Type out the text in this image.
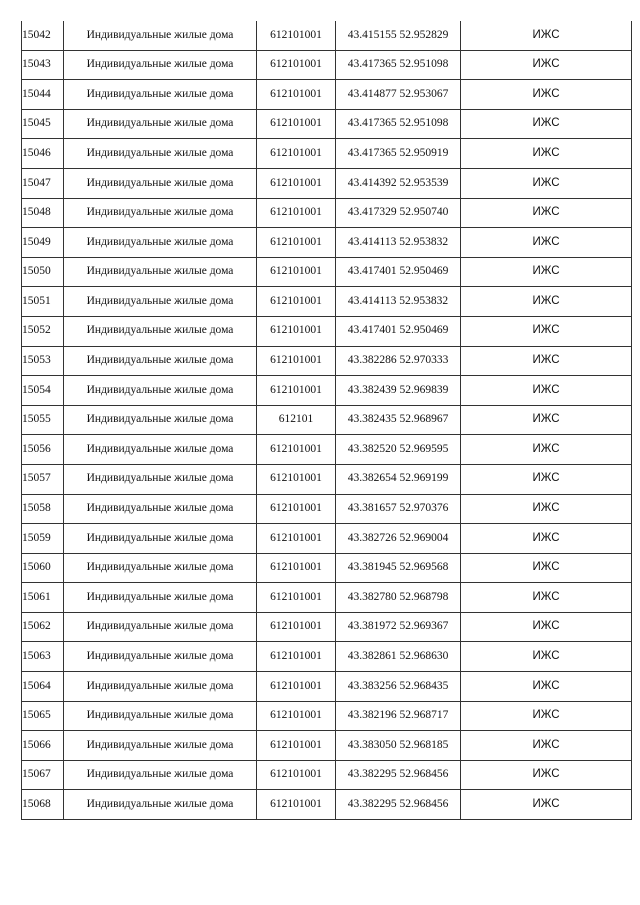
15042	Индивидуальные жилые дома	612101001	43.415155 52.952829	ИЖС
15043	Индивидуальные жилые дома	612101001	43.417365 52.951098	ИЖС
15044	Индивидуальные жилые дома	612101001	43.414877 52.953067	ИЖС
15045	Индивидуальные жилые дома	612101001	43.417365 52.951098	ИЖС
15046	Индивидуальные жилые дома	612101001	43.417365 52.950919	ИЖС
15047	Индивидуальные жилые дома	612101001	43.414392 52.953539	ИЖС
15048	Индивидуальные жилые дома	612101001	43.417329 52.950740	ИЖС
15049	Индивидуальные жилые дома	612101001	43.414113 52.953832	ИЖС
15050	Индивидуальные жилые дома	612101001	43.417401 52.950469	ИЖС
15051	Индивидуальные жилые дома	612101001	43.414113 52.953832	ИЖС
15052	Индивидуальные жилые дома	612101001	43.417401 52.950469	ИЖС
15053	Индивидуальные жилые дома	612101001	43.382286 52.970333	ИЖС
15054	Индивидуальные жилые дома	612101001	43.382439 52.969839	ИЖС
15055	Индивидуальные жилые дома	612101	43.382435 52.968967	ИЖС
15056	Индивидуальные жилые дома	612101001	43.382520 52.969595	ИЖС
15057	Индивидуальные жилые дома	612101001	43.382654 52.969199	ИЖС
15058	Индивидуальные жилые дома	612101001	43.381657 52.970376	ИЖС
15059	Индивидуальные жилые дома	612101001	43.382726 52.969004	ИЖС
15060	Индивидуальные жилые дома	612101001	43.381945 52.969568	ИЖС
15061	Индивидуальные жилые дома	612101001	43.382780 52.968798	ИЖС
15062	Индивидуальные жилые дома	612101001	43.381972 52.969367	ИЖС
15063	Индивидуальные жилые дома	612101001	43.382861 52.968630	ИЖС
15064	Индивидуальные жилые дома	612101001	43.383256 52.968435	ИЖС
15065	Индивидуальные жилые дома	612101001	43.382196 52.968717	ИЖС
15066	Индивидуальные жилые дома	612101001	43.383050 52.968185	ИЖС
15067	Индивидуальные жилые дома	612101001	43.382295 52.968456	ИЖС
15068	Индивидуальные жилые дома	612101001	43.382295 52.968456	ИЖС
